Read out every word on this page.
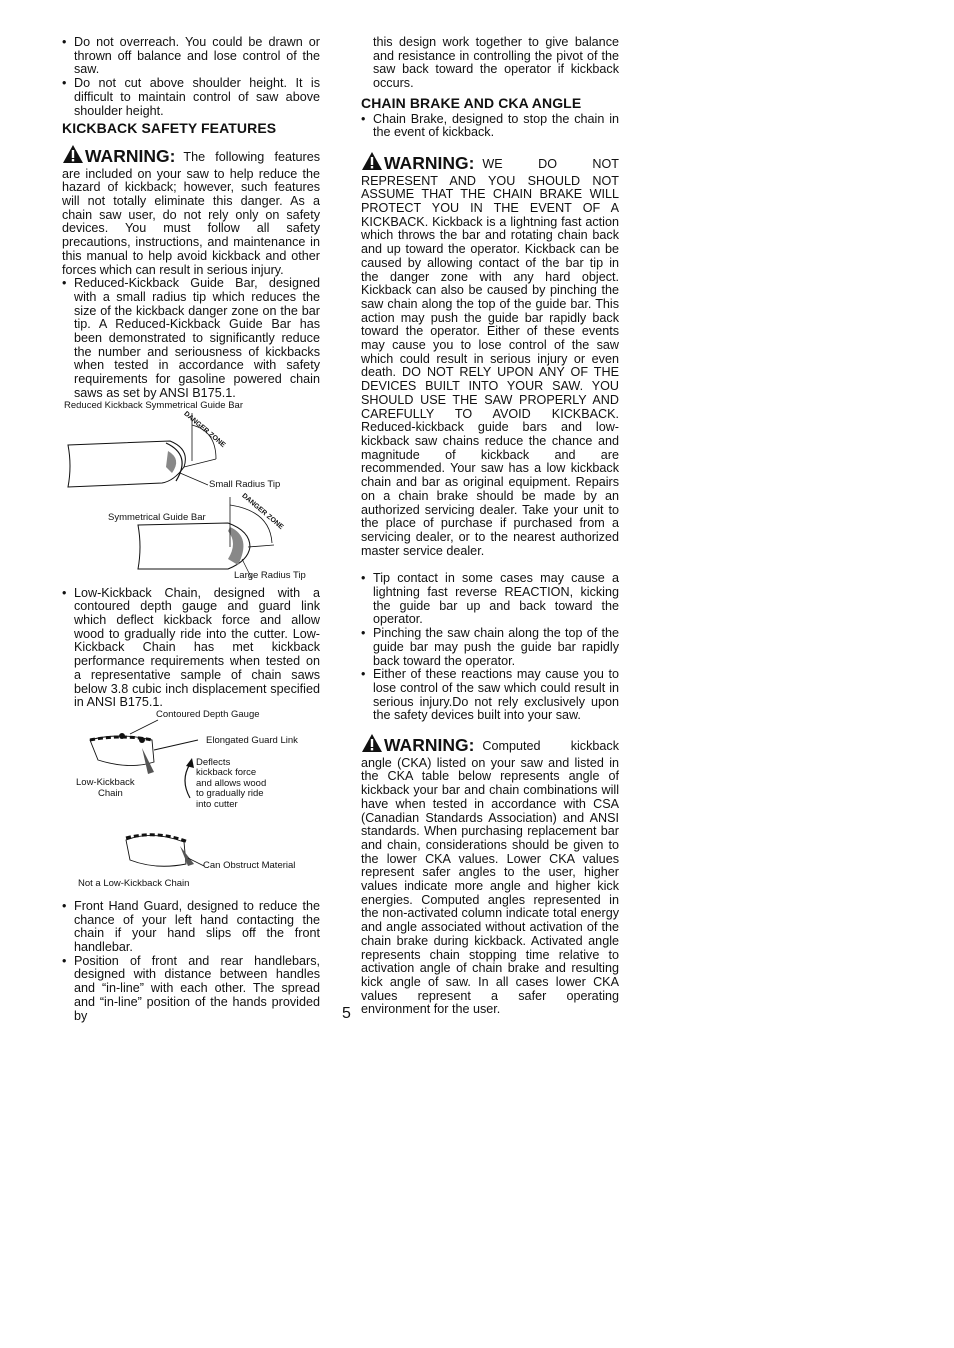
• Do not overreach. You could be drawn or thrown off balance and lose control of the saw.
• Do not cut above shoulder height. It is difficult to maintain control of saw above shoulder height.
KICKBACK SAFETY FEATURES

WARNING: The following features are included on your saw to help reduce the hazard of kickback; however, such features will not totally eliminate this danger. As a chain saw user, do not rely only on safety devices. You must follow all safety precautions, instructions, and maintenance in this manual to help avoid kickback and other forces which can result in serious injury.

• Reduced-Kickback Guide Bar, designed with a small radius tip which reduces the size of the kickback danger zone on the bar tip. A Reduced-Kickback Guide Bar has been demonstrated to significantly reduce the number and seriousness of kickbacks when tested in accordance with safety requirements for gasoline powered chain saws as set by ANSI B175.1.
Reduced Kickback Symmetrical Guide Bar
DANGER ZONE
Small Radius Tip
Symmetrical Guide Bar	DANGER ZONE
Large Radius Tip
• Low-Kickback Chain, designed with a contoured depth gauge and guard link which deflect kickback force and allow wood to gradually ride into the cutter. Low-Kickback Chain has met kickback performance requirements when tested on a representative sample of chain saws below 3.8 cubic inch displacement specified in ANSI B175.1.
Contoured Depth Gauge
Elongated Guard Link
Low-Kickback
Chain
Deflects
kickback force
and allows wood
to gradually ride
into cutter
Can Obstruct Material
Not a Low-Kickback Chain
• Front Hand Guard, designed to reduce the chance of your left hand contacting the chain if your hand slips off the front handlebar.
• Position of front and rear handlebars, designed with distance between handles and “in-line” with each other. The spread and “in-line” position of the hands provided by

this design work together to give balance and resistance in controlling the pivot of the saw back toward the operator if kickback occurs.

CHAIN BRAKE AND CKA ANGLE
• Chain Brake, designed to stop the chain in the event of kickback.

WARNING: WE DO NOT REPRESENT AND YOU SHOULD NOT ASSUME THAT THE CHAIN BRAKE WILL PROTECT YOU IN THE EVENT OF A KICKBACK. Kickback is a lightning fast action which throws the bar and rotating chain back and up toward the operator. Kickback can be caused by allowing contact of the bar tip in the danger zone with any hard object. Kickback can also be caused by pinching the saw chain along the top of the guide bar. This action may push the guide bar rapidly back toward the operator. Either of these events may cause you to lose control of the saw which could result in serious injury or even death. DO NOT RELY UPON ANY OF THE DEVICES BUILT INTO YOUR SAW. YOU SHOULD USE THE SAW PROPERLY AND CAREFULLY TO AVOID KICKBACK. Reduced-kickback guide bars and low-kickback saw chains reduce the chance and magnitude of kickback and are recommended. Your saw has a low kickback chain and bar as original equipment. Repairs on a chain brake should be made by an authorized servicing dealer. Take your unit to the place of purchase if purchased from a servicing dealer, or to the nearest authorized master service dealer.

• Tip contact in some cases may cause a lightning fast reverse REACTION, kicking the guide bar up and back toward the operator.
• Pinching the saw chain along the top of the guide bar may push the guide bar rapidly back toward the operator.
• Either of these reactions may cause you to lose control of the saw which could result in serious injury.Do not rely exclusively upon the safety devices built into your saw.

WARNING: Computed kickback angle (CKA) listed on your saw and listed in the CKA table below represents angle of kickback your bar and chain combinations will have when tested in accordance with CSA (Canadian Standards Association) and ANSI standards. When purchasing replacement bar and chain, considerations should be given to the lower CKA values. Lower CKA values represent safer angles to the user, higher values indicate more angle and higher kick energies. Computed angles represented in the non-activated column indicate total energy and angle associated without activation of the chain brake during kickback. Activated angle represents chain stopping time relative to activation angle of chain brake and resulting kick angle of saw. In all cases lower CKA values represent a safer operating environment for the user.

5
